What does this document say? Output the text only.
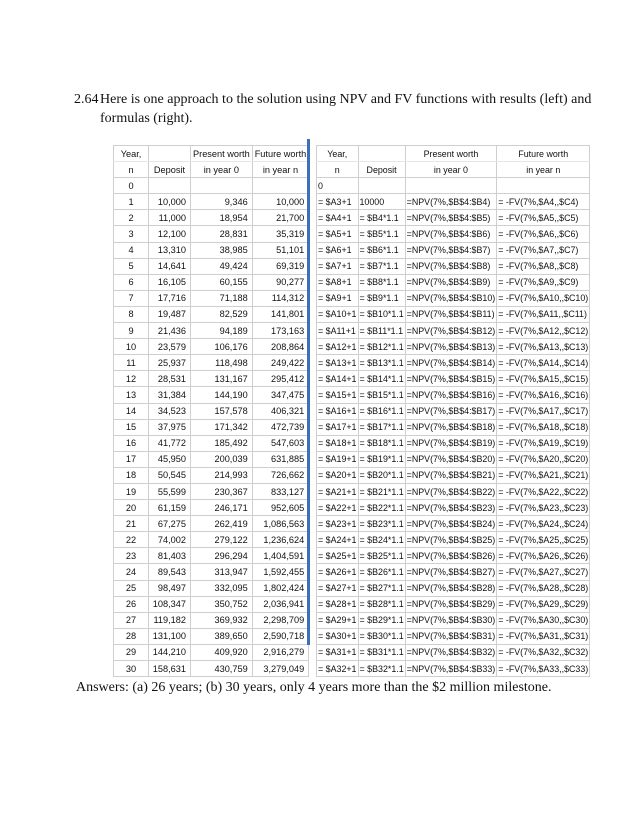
2.64 Here is one approach to the solution using NPV and FV functions with results (left) and
formulas (right).
Year,		Present worth	Future worth
n	Deposit	in year 0	in year n
0			
1	10,000	9,346	10,000
2	11,000	18,954	21,700
3	12,100	28,831	35,319
4	13,310	38,985	51,101
5	14,641	49,424	69,319
6	16,105	60,155	90,277
7	17,716	71,188	114,312
8	19,487	82,529	141,801
9	21,436	94,189	173,163
10	23,579	106,176	208,864
11	25,937	118,498	249,422
12	28,531	131,167	295,412
13	31,384	144,190	347,475
14	34,523	157,578	406,321
15	37,975	171,342	472,739
16	41,772	185,492	547,603
17	45,950	200,039	631,885
18	50,545	214,993	726,662
19	55,599	230,367	833,127
20	61,159	246,171	952,605
21	67,275	262,419	1,086,563
22	74,002	279,122	1,236,624
23	81,403	296,294	1,404,591
24	89,543	313,947	1,592,455
25	98,497	332,095	1,802,424
26	108,347	350,752	2,036,941
27	119,182	369,932	2,298,709
28	131,100	389,650	2,590,718
29	144,210	409,920	2,916,279
30	158,631	430,759	3,279,049
Year,		Present worth	Future worth
n	Deposit	in year 0	in year n
0			
= $A3+1	10000	=NPV(7%,$B$4:$B4)	= -FV(7%,$A4,,$C4)
= $A4+1	= $B4*1.1	=NPV(7%,$B$4:$B5)	= -FV(7%,$A5,,$C5)
= $A5+1	= $B5*1.1	=NPV(7%,$B$4:$B6)	= -FV(7%,$A6,,$C6)
= $A6+1	= $B6*1.1	=NPV(7%,$B$4:$B7)	= -FV(7%,$A7,,$C7)
= $A7+1	= $B7*1.1	=NPV(7%,$B$4:$B8)	= -FV(7%,$A8,,$C8)
= $A8+1	= $B8*1.1	=NPV(7%,$B$4:$B9)	= -FV(7%,$A9,,$C9)
= $A9+1	= $B9*1.1	=NPV(7%,$B$4:$B10)	= -FV(7%,$A10,,$C10)
= $A10+1	= $B10*1.1	=NPV(7%,$B$4:$B11)	= -FV(7%,$A11,,$C11)
= $A11+1	= $B11*1.1	=NPV(7%,$B$4:$B12)	= -FV(7%,$A12,,$C12)
= $A12+1	= $B12*1.1	=NPV(7%,$B$4:$B13)	= -FV(7%,$A13,,$C13)
= $A13+1	= $B13*1.1	=NPV(7%,$B$4:$B14)	= -FV(7%,$A14,,$C14)
= $A14+1	= $B14*1.1	=NPV(7%,$B$4:$B15)	= -FV(7%,$A15,,$C15)
= $A15+1	= $B15*1.1	=NPV(7%,$B$4:$B16)	= -FV(7%,$A16,,$C16)
= $A16+1	= $B16*1.1	=NPV(7%,$B$4:$B17)	= -FV(7%,$A17,,$C17)
= $A17+1	= $B17*1.1	=NPV(7%,$B$4:$B18)	= -FV(7%,$A18,,$C18)
= $A18+1	= $B18*1.1	=NPV(7%,$B$4:$B19)	= -FV(7%,$A19,,$C19)
= $A19+1	= $B19*1.1	=NPV(7%,$B$4:$B20)	= -FV(7%,$A20,,$C20)
= $A20+1	= $B20*1.1	=NPV(7%,$B$4:$B21)	= -FV(7%,$A21,,$C21)
= $A21+1	= $B21*1.1	=NPV(7%,$B$4:$B22)	= -FV(7%,$A22,,$C22)
= $A22+1	= $B22*1.1	=NPV(7%,$B$4:$B23)	= -FV(7%,$A23,,$C23)
= $A23+1	= $B23*1.1	=NPV(7%,$B$4:$B24)	= -FV(7%,$A24,,$C24)
= $A24+1	= $B24*1.1	=NPV(7%,$B$4:$B25)	= -FV(7%,$A25,,$C25)
= $A25+1	= $B25*1.1	=NPV(7%,$B$4:$B26)	= -FV(7%,$A26,,$C26)
= $A26+1	= $B26*1.1	=NPV(7%,$B$4:$B27)	= -FV(7%,$A27,,$C27)
= $A27+1	= $B27*1.1	=NPV(7%,$B$4:$B28)	= -FV(7%,$A28,,$C28)
= $A28+1	= $B28*1.1	=NPV(7%,$B$4:$B29)	= -FV(7%,$A29,,$C29)
= $A29+1	= $B29*1.1	=NPV(7%,$B$4:$B30)	= -FV(7%,$A30,,$C30)
= $A30+1	= $B30*1.1	=NPV(7%,$B$4:$B31)	= -FV(7%,$A31,,$C31)
= $A31+1	= $B31*1.1	=NPV(7%,$B$4:$B32)	= -FV(7%,$A32,,$C32)
= $A32+1	= $B32*1.1	=NPV(7%,$B$4:$B33)	= -FV(7%,$A33,,$C33)
Answers: (a) 26 years; (b) 30 years, only 4 years more than the $2 million milestone.
